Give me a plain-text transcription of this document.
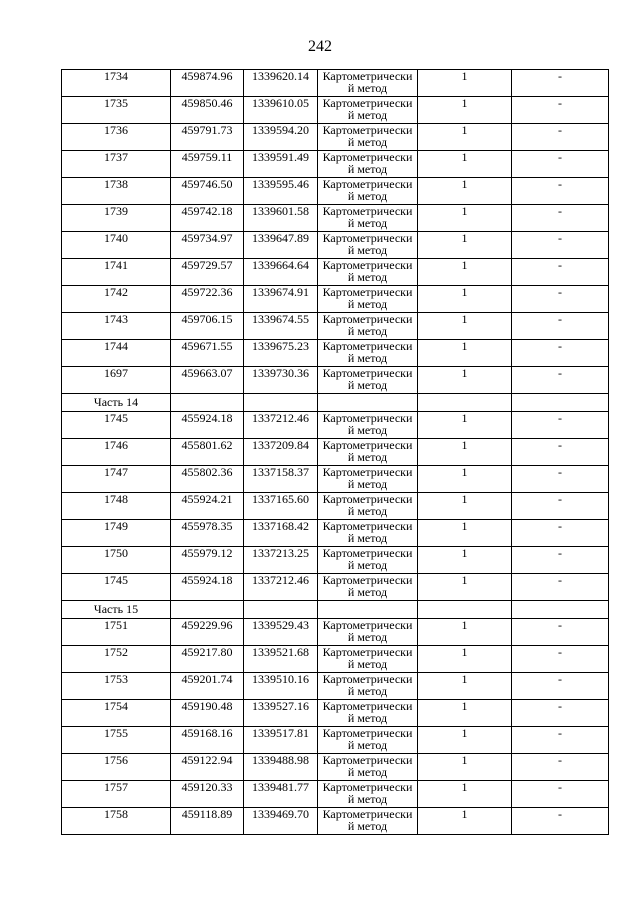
242
1734	459874.96	1339620.14	Картометрически
й метод	1	-
1735	459850.46	1339610.05	Картометрически
й метод	1	-
1736	459791.73	1339594.20	Картометрически
й метод	1	-
1737	459759.11	1339591.49	Картометрически
й метод	1	-
1738	459746.50	1339595.46	Картометрически
й метод	1	-
1739	459742.18	1339601.58	Картометрически
й метод	1	-
1740	459734.97	1339647.89	Картометрически
й метод	1	-
1741	459729.57	1339664.64	Картометрически
й метод	1	-
1742	459722.36	1339674.91	Картометрически
й метод	1	-
1743	459706.15	1339674.55	Картометрически
й метод	1	-
1744	459671.55	1339675.23	Картометрически
й метод	1	-
1697	459663.07	1339730.36	Картометрически
й метод	1	-
Часть 14					
1745	455924.18	1337212.46	Картометрически
й метод	1	-
1746	455801.62	1337209.84	Картометрически
й метод	1	-
1747	455802.36	1337158.37	Картометрически
й метод	1	-
1748	455924.21	1337165.60	Картометрически
й метод	1	-
1749	455978.35	1337168.42	Картометрически
й метод	1	-
1750	455979.12	1337213.25	Картометрически
й метод	1	-
1745	455924.18	1337212.46	Картометрически
й метод	1	-
Часть 15					
1751	459229.96	1339529.43	Картометрически
й метод	1	-
1752	459217.80	1339521.68	Картометрически
й метод	1	-
1753	459201.74	1339510.16	Картометрически
й метод	1	-
1754	459190.48	1339527.16	Картометрически
й метод	1	-
1755	459168.16	1339517.81	Картометрически
й метод	1	-
1756	459122.94	1339488.98	Картометрически
й метод	1	-
1757	459120.33	1339481.77	Картометрически
й метод	1	-
1758	459118.89	1339469.70	Картометрически
й метод	1	-
